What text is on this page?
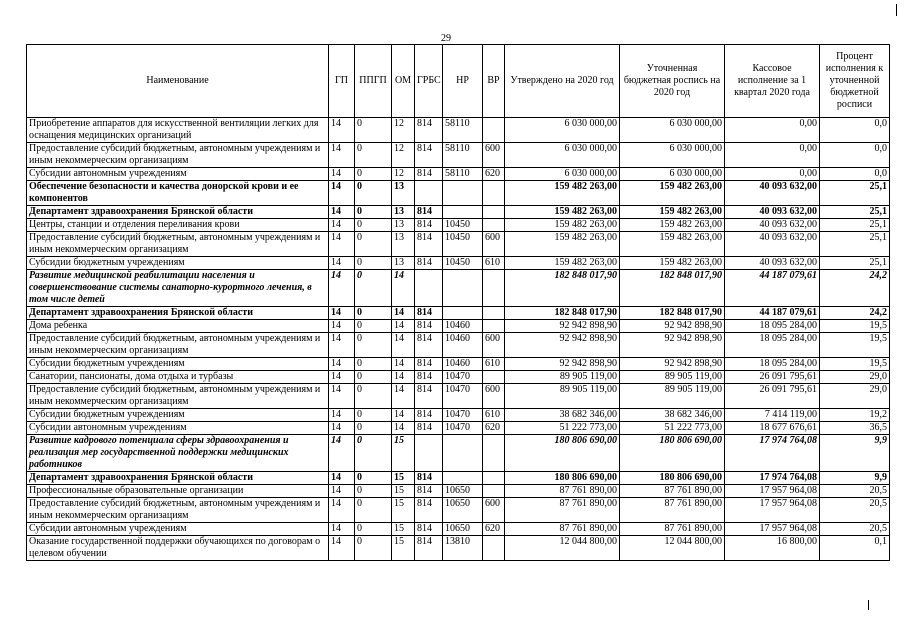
29
Наименование	ГП	ППГП	ОМ	ГРБС	НР	ВР	Утверждено на 2020 год	Уточненная бюджетная роспись на 2020 год	Кассовое исполнение за 1 квартал 2020 года	Процент исполнения к уточненной бюджетной росписи
Приобретение аппаратов для искусственной вентиляции легких для оснащения медицинских организаций	14	0	12	814	58110		6 030 000,00	6 030 000,00	0,00	0,0
Предоставление субсидий бюджетным, автономным учреждениям и иным некоммерческим организациям	14	0	12	814	58110	600	6 030 000,00	6 030 000,00	0,00	0,0
Субсидии автономным учреждениям	14	0	12	814	58110	620	6 030 000,00	6 030 000,00	0,00	0,0
Обеспечение безопасности и качества донорской крови и ее компонентов	14	0	13				159 482 263,00	159 482 263,00	40 093 632,00	25,1
Департамент здравоохранения Брянской области	14	0	13	814			159 482 263,00	159 482 263,00	40 093 632,00	25,1
Центры, станции и отделения переливания крови	14	0	13	814	10450		159 482 263,00	159 482 263,00	40 093 632,00	25,1
Предоставление субсидий бюджетным, автономным учреждениям и иным некоммерческим организациям	14	0	13	814	10450	600	159 482 263,00	159 482 263,00	40 093 632,00	25,1
Субсидии бюджетным учреждениям	14	0	13	814	10450	610	159 482 263,00	159 482 263,00	40 093 632,00	25,1
Развитие медицинской реабилитации населения и совершенствование системы санаторно-курортного лечения, в том числе детей	14	0	14				182 848 017,90	182 848 017,90	44 187 079,61	24,2
Департамент здравоохранения Брянской области	14	0	14	814			182 848 017,90	182 848 017,90	44 187 079,61	24,2
Дома ребенка	14	0	14	814	10460		92 942 898,90	92 942 898,90	18 095 284,00	19,5
Предоставление субсидий бюджетным, автономным учреждениям и иным некоммерческим организациям	14	0	14	814	10460	600	92 942 898,90	92 942 898,90	18 095 284,00	19,5
Субсидии бюджетным учреждениям	14	0	14	814	10460	610	92 942 898,90	92 942 898,90	18 095 284,00	19,5
Санатории, пансионаты, дома отдыха и турбазы	14	0	14	814	10470		89 905 119,00	89 905 119,00	26 091 795,61	29,0
Предоставление субсидий бюджетным, автономным учреждениям и иным некоммерческим организациям	14	0	14	814	10470	600	89 905 119,00	89 905 119,00	26 091 795,61	29,0
Субсидии бюджетным учреждениям	14	0	14	814	10470	610	38 682 346,00	38 682 346,00	7 414 119,00	19,2
Субсидии автономным учреждениям	14	0	14	814	10470	620	51 222 773,00	51 222 773,00	18 677 676,61	36,5
Развитие кадрового потенциала сферы здравоохранения и реализация мер государственной поддержки медицинских работников	14	0	15				180 806 690,00	180 806 690,00	17 974 764,08	9,9
Департамент здравоохранения Брянской области	14	0	15	814			180 806 690,00	180 806 690,00	17 974 764,08	9,9
Профессиональные образовательные организации	14	0	15	814	10650		87 761 890,00	87 761 890,00	17 957 964,08	20,5
Предоставление субсидий бюджетным, автономным учреждениям и иным некоммерческим организациям	14	0	15	814	10650	600	87 761 890,00	87 761 890,00	17 957 964,08	20,5
Субсидии автономным учреждениям	14	0	15	814	10650	620	87 761 890,00	87 761 890,00	17 957 964,08	20,5
Оказание государственной поддержки обучающихся по договорам о целевом обучении	14	0	15	814	13810		12 044 800,00	12 044 800,00	16 800,00	0,1
